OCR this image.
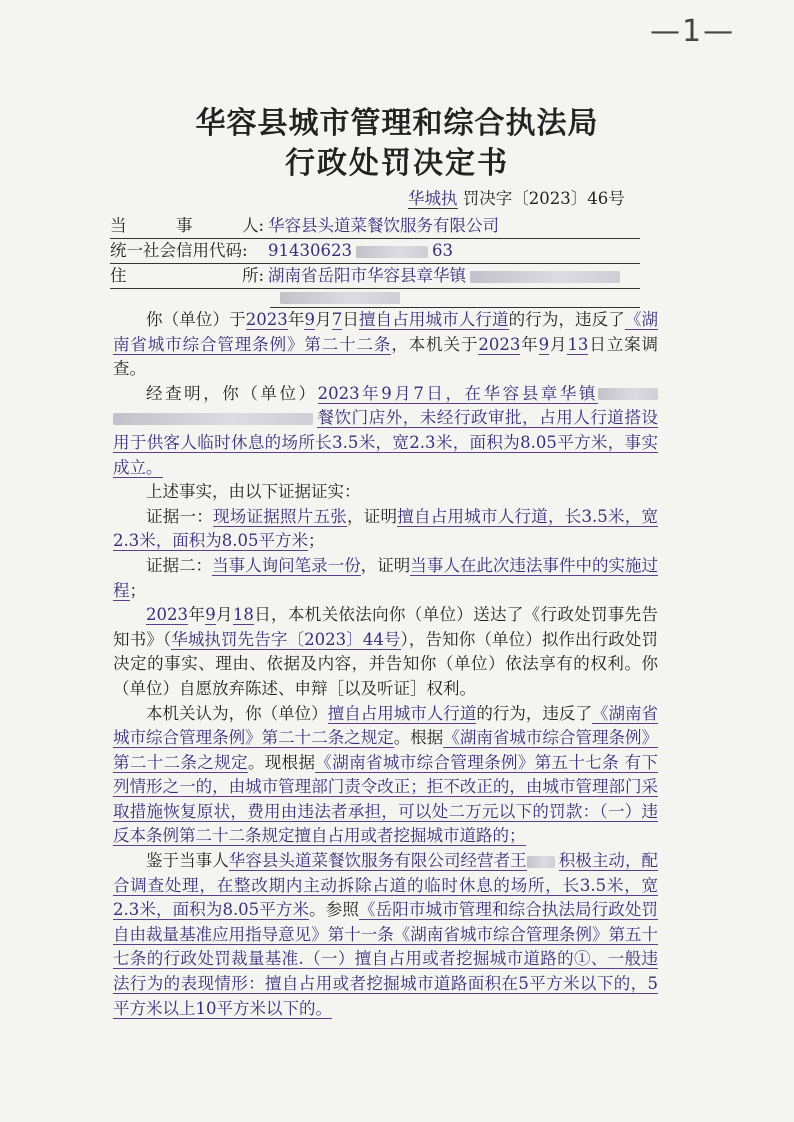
—1—
华容县城市管理和综合执法局
行政处罚决定书
华城执 罚决字〔2023〕46号
当　　　事　　　人: 华容县头道菜餐饮服务有限公司
统一社会信用代码: 91430623	63
住　　　　　　　所: 湖南省岳阳市华容县章华镇

你（单位）于2023年9月7日擅自占用城市人行道的行为，违反了《湖南省城市综合管理条例》第二十二条，本机关于2023年9月13日立案调查。

经查明，你（单位）2023年9月7日，在华容县章华镇餐饮门店外，未经行政审批，占用人行道搭设用于供客人临时休息的场所长3.5米，宽2.3米，面积为8.05平方米，事实成立。

上述事实，由以下证据证实：

证据一：现场证据照片五张，证明擅自占用城市人行道，长3.5米，宽2.3米，面积为8.05平方米；

证据二：当事人询问笔录一份，证明当事人在此次违法事件中的实施过程；

2023年9月18日，本机关依法向你（单位）送达了《行政处罚事先告知书》（华城执罚先告字〔2023〕44号），告知你（单位）拟作出行政处罚决定的事实、理由、依据及内容，并告知你（单位）依法享有的权利。你（单位）自愿放弃陈述、申辩［以及听证］权利。

本机关认为，你（单位）擅自占用城市人行道的行为，违反了《湖南省城市综合管理条例》第二十二条之规定。根据《湖南省城市综合管理条例》第二十二条之规定。现根据《湖南省城市综合管理条例》第五十七条 有下列情形之一的，由城市管理部门责令改正；拒不改正的，由城市管理部门采取措施恢复原状，费用由违法者承担，可以处二万元以下的罚款：（一）违反本条例第二十二条规定擅自占用或者挖掘城市道路的；

鉴于当事人华容县头道菜餐饮服务有限公司经营者王 积极主动，配合调查处理，在整改期内主动拆除占道的临时休息的场所，长3.5米，宽2.3米，面积为8.05平方米。参照《岳阳市城市管理和综合执法局行政处罚自由裁量基准应用指导意见》第十一条《湖南省城市综合管理条例》第五十七条的行政处罚裁量基准.（一）擅自占用或者挖掘城市道路的①、一般违法行为的表现情形：擅自占用或者挖掘城市道路面积在5平方米以下的，5平方米以上10平方米以下的。
